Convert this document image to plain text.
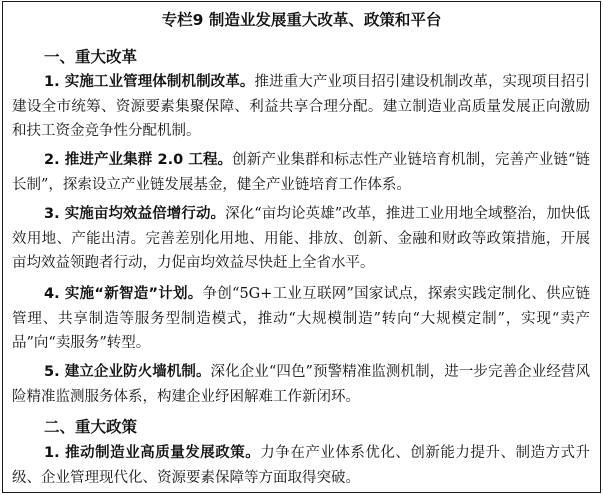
专栏9 制造业发展重大改革、政策和平台
一、重大改革

1. 实施工业管理体制机制改革。推进重大产业项目招引建设机制改革，实现项目招引建设全市统筹、资源要素集聚保障、利益共享合理分配。建立制造业高质量发展正向激励和扶工资金竞争性分配机制。

2. 推进产业集群 2.0 工程。创新产业集群和标志性产业链培育机制，完善产业链“链长制”，探索设立产业链发展基金，健全产业链培育工作体系。

3. 实施亩均效益倍增行动。深化“亩均论英雄”改革，推进工业用地全域整治，加快低效用地、产能出清。完善差别化用地、用能、排放、创新、金融和财政等政策措施，开展亩均效益领跑者行动，力促亩均效益尽快赶上全省水平。

4. 实施“新智造”计划。争创“5G+工业互联网”国家试点，探索实践定制化、供应链管理、共享制造等服务型制造模式，推动“大规模制造”转向“大规模定制”，实现“卖产品”向“卖服务”转型。

5. 建立企业防火墙机制。深化企业“四色”预警精准监测机制，进一步完善企业经营风险精准监测服务体系，构建企业纾困解难工作新闭环。

二、重大政策

1. 推动制造业高质量发展政策。力争在产业体系优化、创新能力提升、制造方式升级、企业管理现代化、资源要素保障等方面取得突破。
